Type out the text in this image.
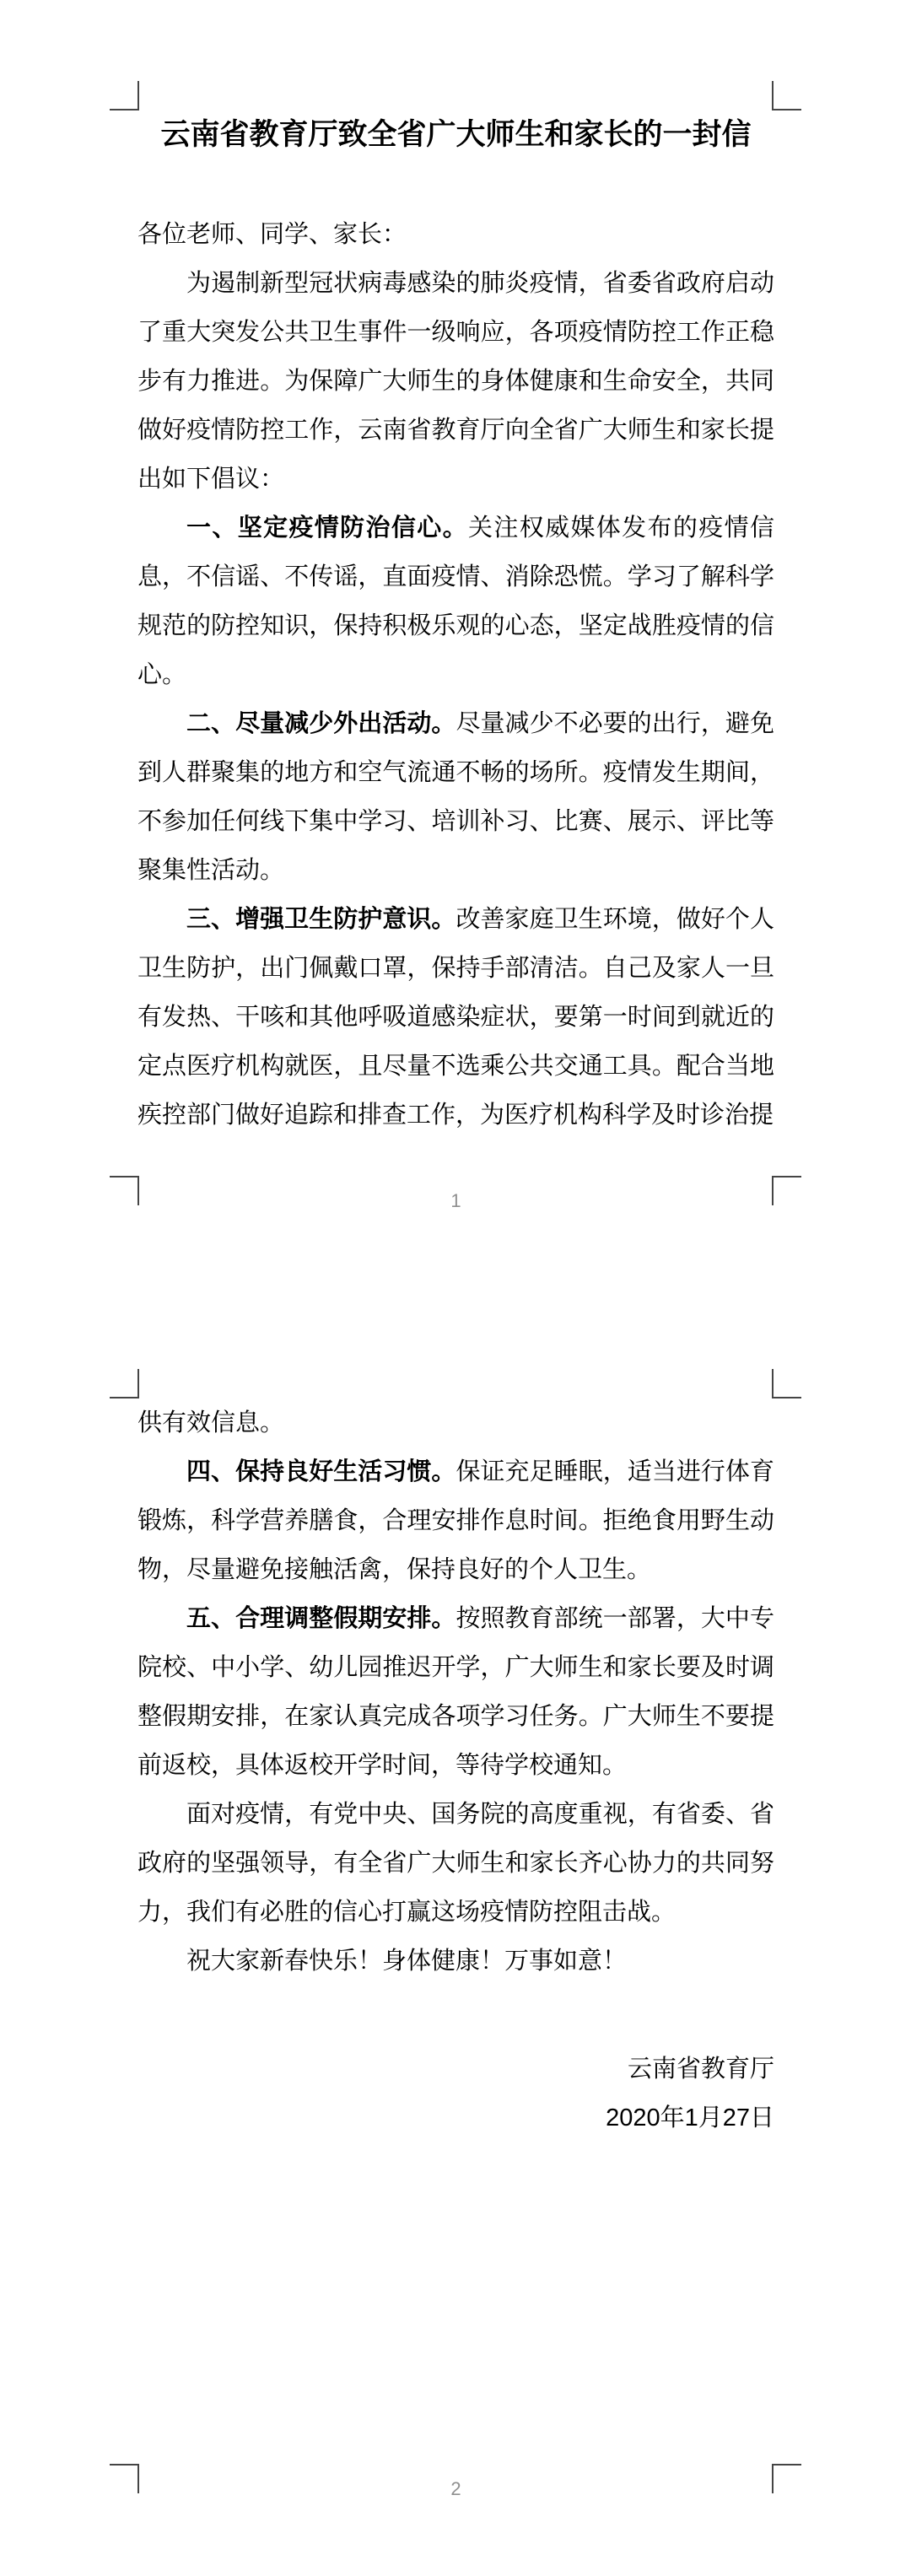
云南省教育厅致全省广大师生和家长的一封信

各位老师、同学、家长：

为遏制新型冠状病毒感染的肺炎疫情，省委省政府启动了重大突发公共卫生事件一级响应，各项疫情防控工作正稳步有力推进。为保障广大师生的身体健康和生命安全，共同做好疫情防控工作，云南省教育厅向全省广大师生和家长提出如下倡议：

一、坚定疫情防治信心。关注权威媒体发布的疫情信息，不信谣、不传谣，直面疫情、消除恐慌。学习了解科学规范的防控知识，保持积极乐观的心态，坚定战胜疫情的信心。

二、尽量减少外出活动。尽量减少不必要的出行，避免到人群聚集的地方和空气流通不畅的场所。疫情发生期间，不参加任何线下集中学习、培训补习、比赛、展示、评比等聚集性活动。

三、增强卫生防护意识。改善家庭卫生环境，做好个人卫生防护，出门佩戴口罩，保持手部清洁。自己及家人一旦有发热、干咳和其他呼吸道感染症状，要第一时间到就近的定点医疗机构就医，且尽量不选乘公共交通工具。配合当地疾控部门做好追踪和排查工作，为医疗机构科学及时诊治提

1

供有效信息。

四、保持良好生活习惯。保证充足睡眠，适当进行体育锻炼，科学营养膳食，合理安排作息时间。拒绝食用野生动物，尽量避免接触活禽，保持良好的个人卫生。

五、合理调整假期安排。按照教育部统一部署，大中专院校、中小学、幼儿园推迟开学，广大师生和家长要及时调整假期安排，在家认真完成各项学习任务。广大师生不要提前返校，具体返校开学时间，等待学校通知。

面对疫情，有党中央、国务院的高度重视，有省委、省政府的坚强领导，有全省广大师生和家长齐心协力的共同努力，我们有必胜的信心打赢这场疫情防控阻击战。

祝大家新春快乐！身体健康！万事如意！

云南省教育厅

2020年1月27日

2
